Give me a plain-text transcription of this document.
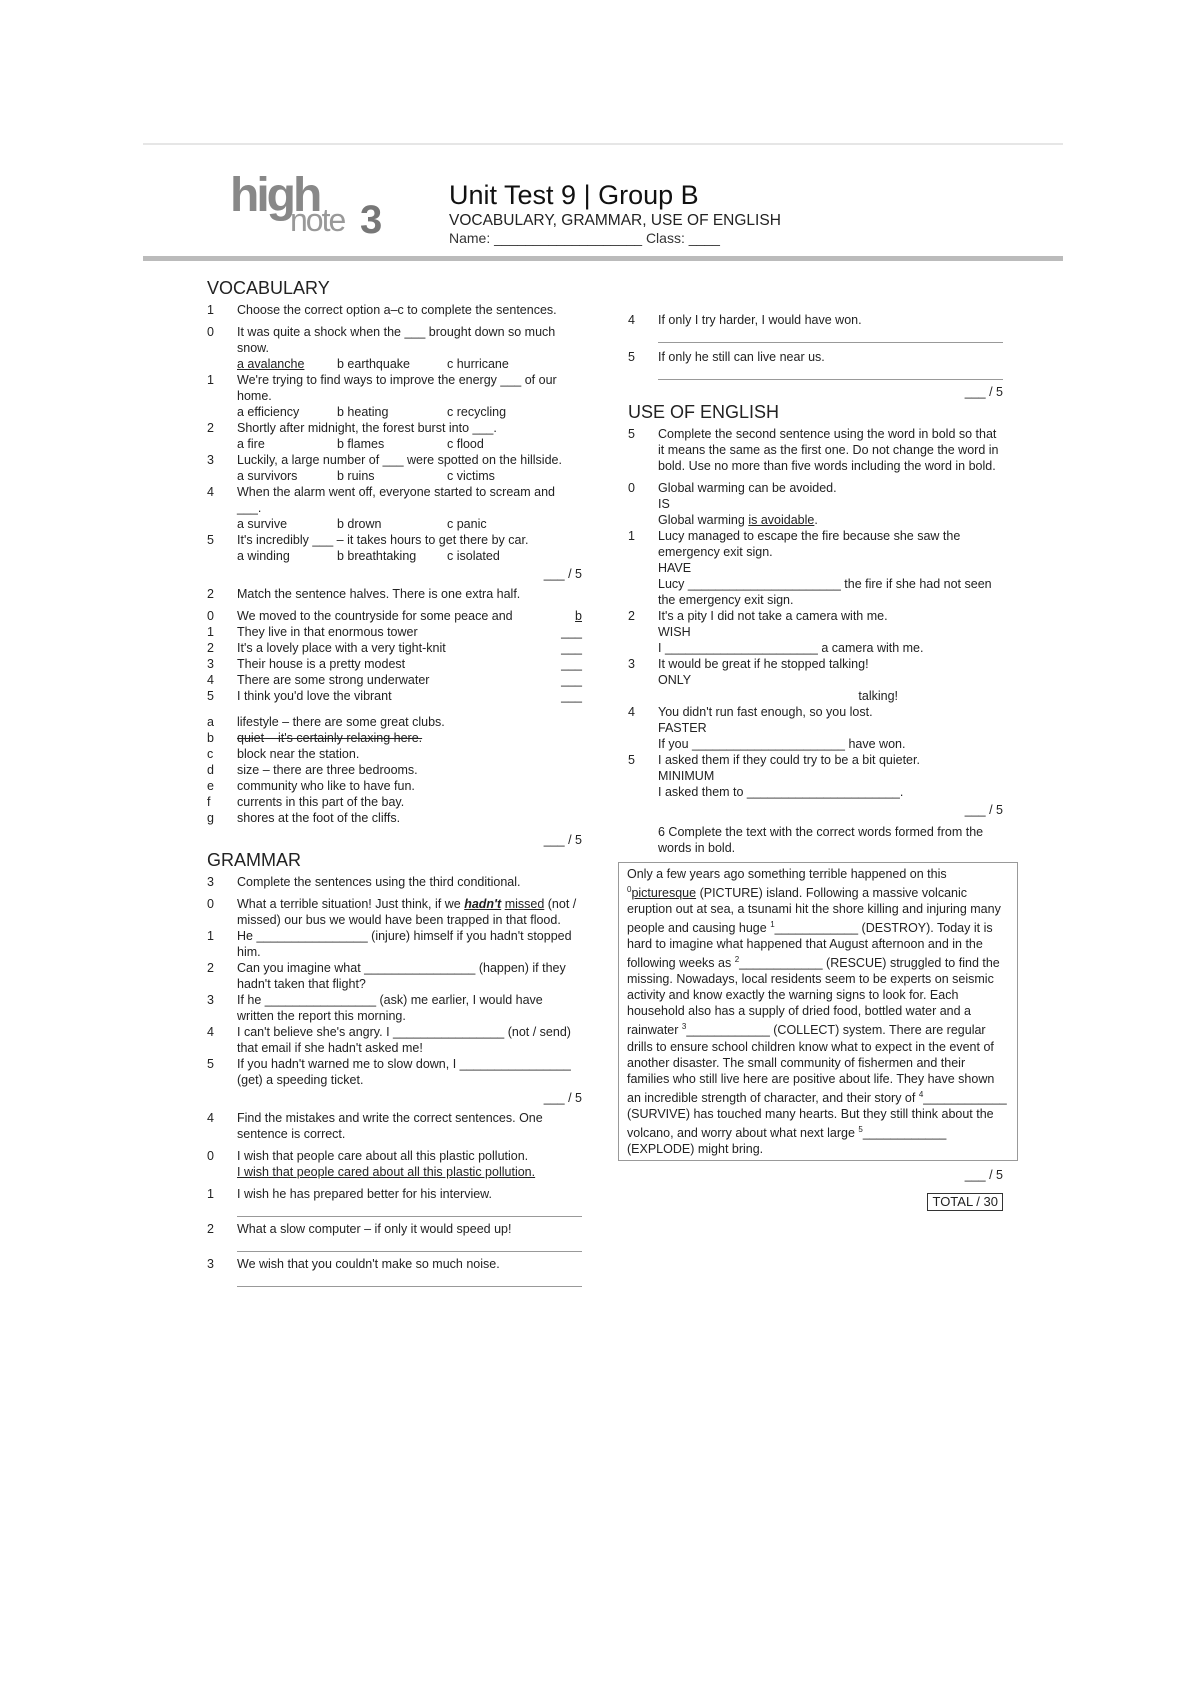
high
note 3
Unit Test 9 | Group B
VOCABULARY, GRAMMAR, USE OF ENGLISH
Name: ___________________ Class: ____
VOCABULARY
1 Choose the correct option a–c to complete the sentences.
0 It was quite a shock when the ___ brought down so much snow.
a avalanche	b earthquake	c hurricane
1 We're trying to find ways to improve the energy ___ of our home.
a efficiency	b heating	c recycling
2 Shortly after midnight, the forest burst into ___.
a fire	b flames	c flood
3 Luckily, a large number of ___ were spotted on the hillside.
a survivors	b ruins	c victims
4 When the alarm went off, everyone started to scream and ___.
a survive	b drown	c panic
5 It's incredibly ___ – it takes hours to get there by car.
a winding	b breathtaking	c isolated
___ / 5
2 Match the sentence halves. There is one extra half.
0 We moved to the countryside for some peace and	b
1 They live in that enormous tower	___
2 It's a lovely place with a very tight-knit	___
3 Their house is a pretty modest	___
4 There are some strong underwater	___
5 I think you'd love the vibrant	___
a lifestyle – there are some great clubs.
b quiet – it's certainly relaxing here.
c block near the station.
d size – there are three bedrooms.
e community who like to have fun.
f currents in this part of the bay.
g shores at the foot of the cliffs.
___ / 5
GRAMMAR
3 Complete the sentences using the third conditional.
0 What a terrible situation! Just think, if we hadn't missed (not / missed) our bus we would have been trapped in that flood.
1 He ________________ (injure) himself if you hadn't stopped him.
2 Can you imagine what ________________ (happen) if they hadn't taken that flight?
3 If he ________________ (ask) me earlier, I would have written the report this morning.
4 I can't believe she's angry. I ________________ (not / send) that email if she hadn't asked me!
5 If you hadn't warned me to slow down, I ________________ (get) a speeding ticket.
___ / 5
4 Find the mistakes and write the correct sentences. One sentence is correct.
0 I wish that people care about all this plastic pollution.
I wish that people cared about all this plastic pollution.
1 I wish he has prepared better for his interview.
2 What a slow computer – if only it would speed up!
3 We wish that you couldn't make so much noise.
4 If only I try harder, I would have won.
5 If only he still can live near us.
___ / 5
USE OF ENGLISH
5 Complete the second sentence using the word in bold so that it means the same as the first one. Do not change the word in bold. Use no more than five words including the word in bold.
0 Global warming can be avoided.
IS
Global warming is avoidable.
1 Lucy managed to escape the fire because she saw the emergency exit sign.
HAVE
Lucy ______________________ the fire if she had not seen the emergency exit sign.
2 It's a pity I did not take a camera with me.
WISH
I ______________________ a camera with me.
3 It would be great if he stopped talking!
ONLY
talking!
4 You didn't run fast enough, so you lost.
FASTER
If you ______________________ have won.
5 I asked them if they could try to be a bit quieter.
MINIMUM
I asked them to ______________________.
___ / 5
6 Complete the text with the correct words formed from the words in bold.
Only a few years ago something terrible happened on this $^0$picturesque (PICTURE) island. Following a massive volcanic eruption out at sea, a tsunami hit the shore killing and injuring many people and causing huge $^1$____________ (DESTROY). Today it is hard to imagine what happened that August afternoon and in the following weeks as $^2$____________ (RESCUE) struggled to find the missing. Nowadays, local residents seem to be experts on seismic activity and know exactly the warning signs to look for. Each household also has a supply of dried food, bottled water and a rainwater $^3$____________ (COLLECT) system. There are regular drills to ensure school children know what to expect in the event of another disaster. The small community of fishermen and their families who still live here are positive about life. They have shown an incredible strength of character, and their story of $^4$____________ (SURVIVE) has touched many hearts. But they still think about the volcano, and worry about what next large $^5$____________ (EXPLODE) might bring.
___ / 5
TOTAL / 30
